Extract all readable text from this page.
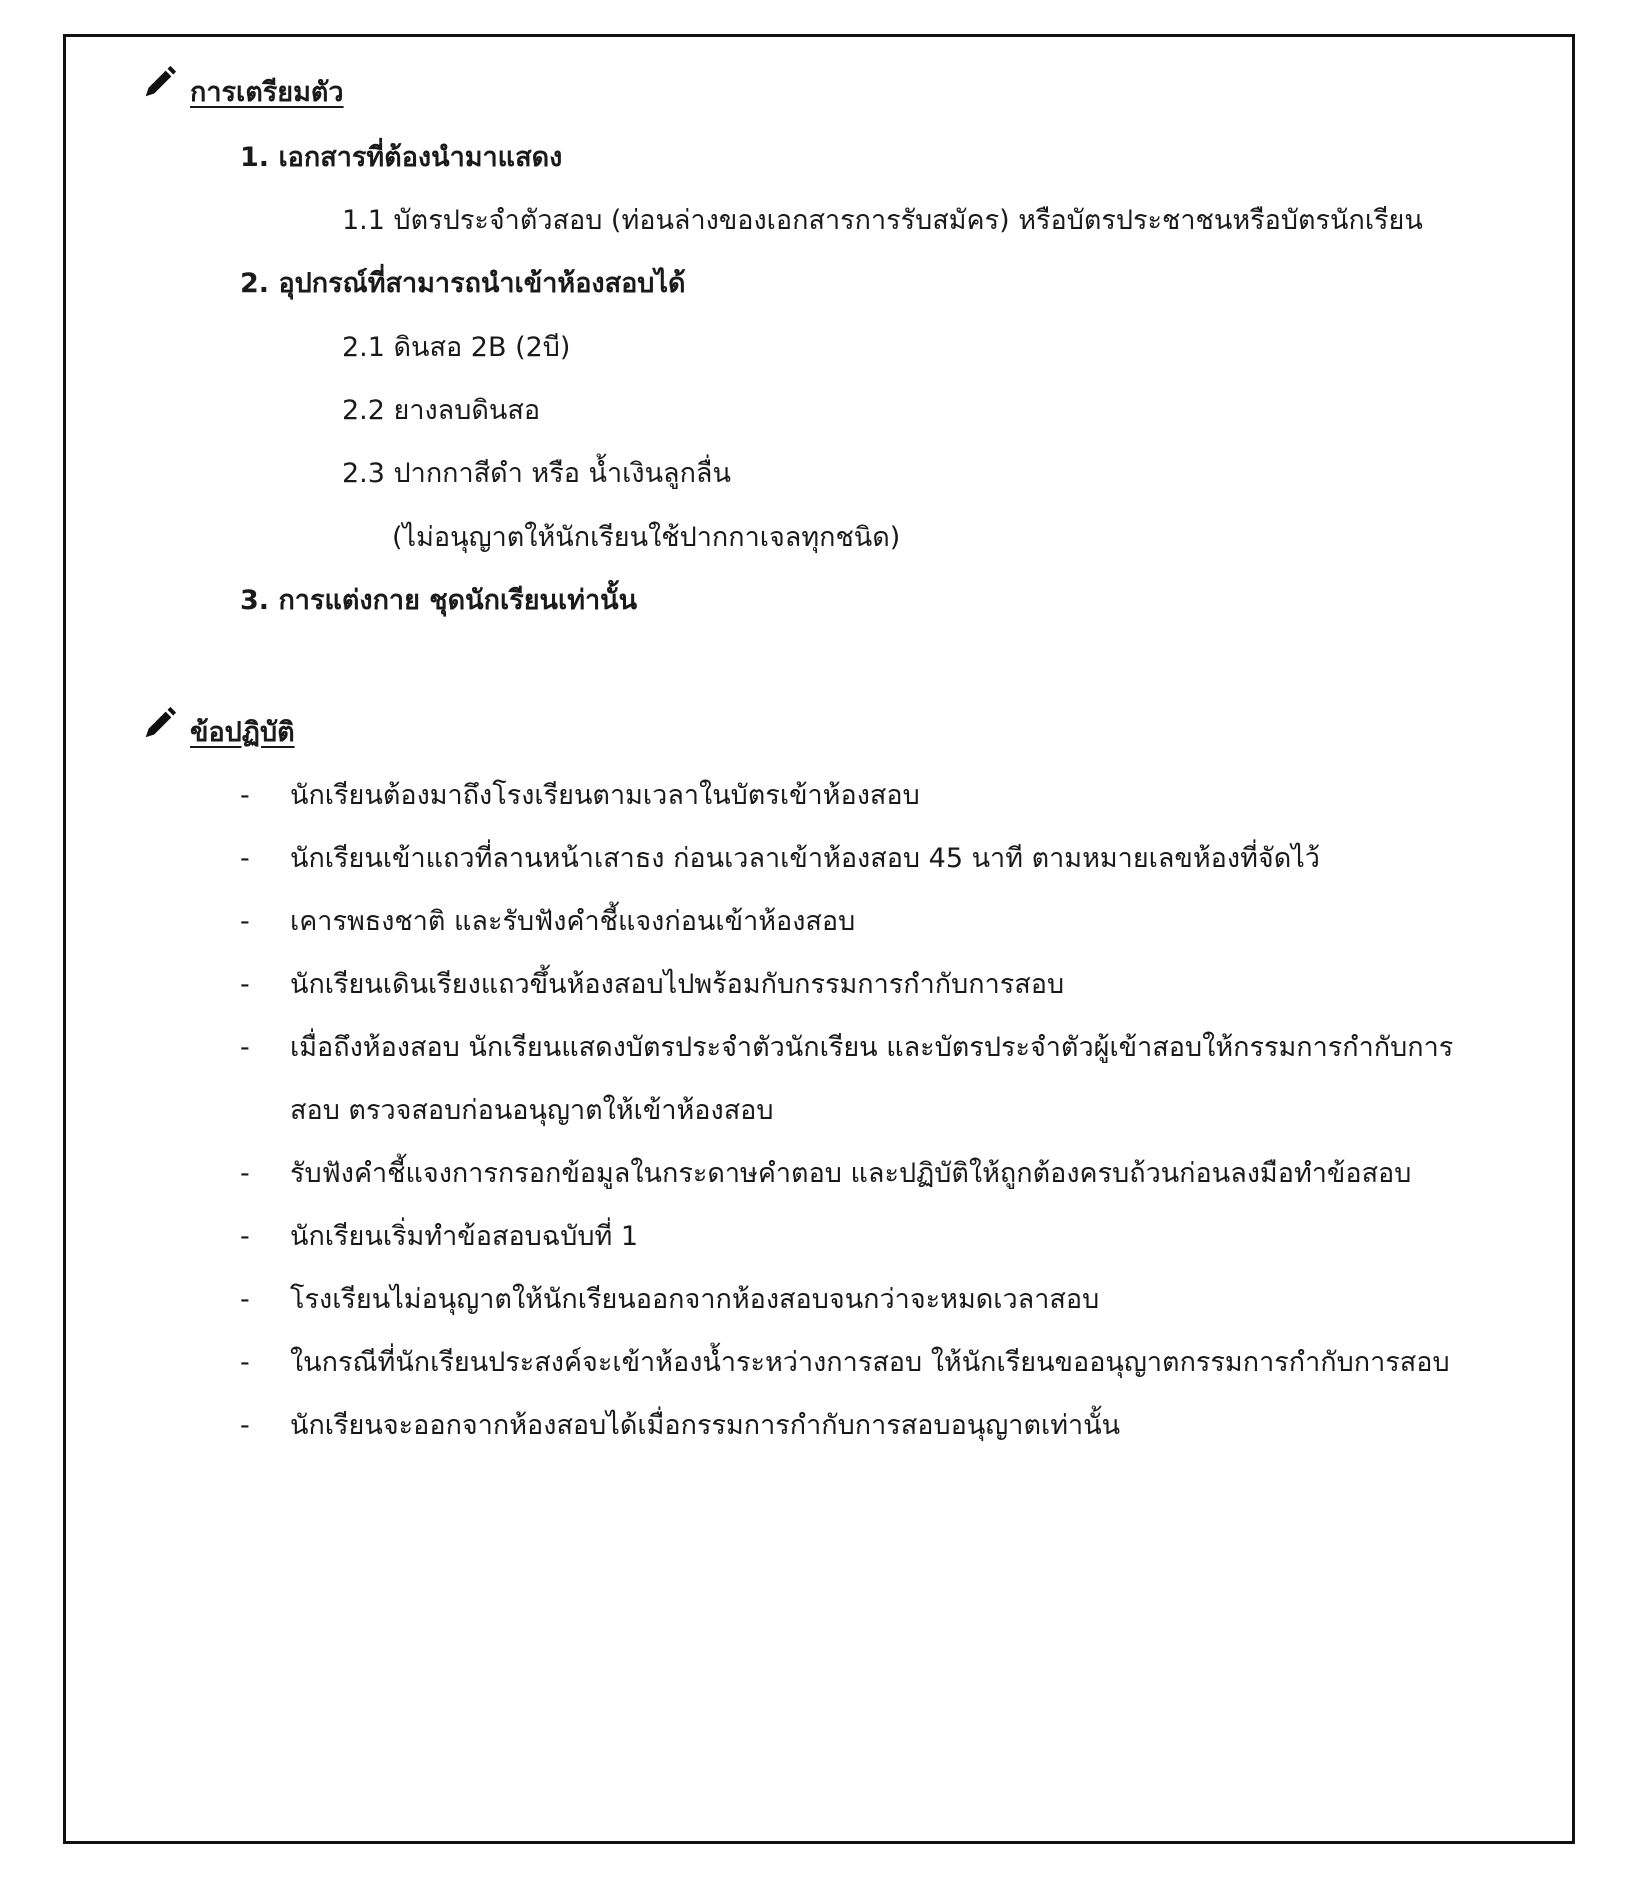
การเตรียมตัว
1. เอกสารที่ต้องนำมาแสดง
1.1 บัตรประจำตัวสอบ (ท่อนล่างของเอกสารการรับสมัคร) หรือบัตรประชาชนหรือบัตรนักเรียน
2. อุปกรณ์ที่สามารถนำเข้าห้องสอบได้
2.1 ดินสอ 2B (2บี)
2.2 ยางลบดินสอ
2.3 ปากกาสีดำ หรือ น้ำเงินลูกลื่น
(ไม่อนุญาตให้นักเรียนใช้ปากกาเจลทุกชนิด)
3. การแต่งกาย ชุดนักเรียนเท่านั้น
ข้อปฏิบัติ
- นักเรียนต้องมาถึงโรงเรียนตามเวลาในบัตรเข้าห้องสอบ
- นักเรียนเข้าแถวที่ลานหน้าเสาธง ก่อนเวลาเข้าห้องสอบ 45 นาที ตามหมายเลขห้องที่จัดไว้
- เคารพธงชาติ และรับฟังคำชี้แจงก่อนเข้าห้องสอบ
- นักเรียนเดินเรียงแถวขึ้นห้องสอบไปพร้อมกับกรรมการกำกับการสอบ
- เมื่อถึงห้องสอบ นักเรียนแสดงบัตรประจำตัวนักเรียน และบัตรประจำตัวผู้เข้าสอบให้กรรมการกำกับการ
สอบ ตรวจสอบก่อนอนุญาตให้เข้าห้องสอบ
- รับฟังคำชี้แจงการกรอกข้อมูลในกระดาษคำตอบ และปฏิบัติให้ถูกต้องครบถ้วนก่อนลงมือทำข้อสอบ
- นักเรียนเริ่มทำข้อสอบฉบับที่ 1
- โรงเรียนไม่อนุญาตให้นักเรียนออกจากห้องสอบจนกว่าจะหมดเวลาสอบ
- ในกรณีที่นักเรียนประสงค์จะเข้าห้องน้ำระหว่างการสอบ ให้นักเรียนขออนุญาตกรรมการกำกับการสอบ
- นักเรียนจะออกจากห้องสอบได้เมื่อกรรมการกำกับการสอบอนุญาตเท่านั้น
